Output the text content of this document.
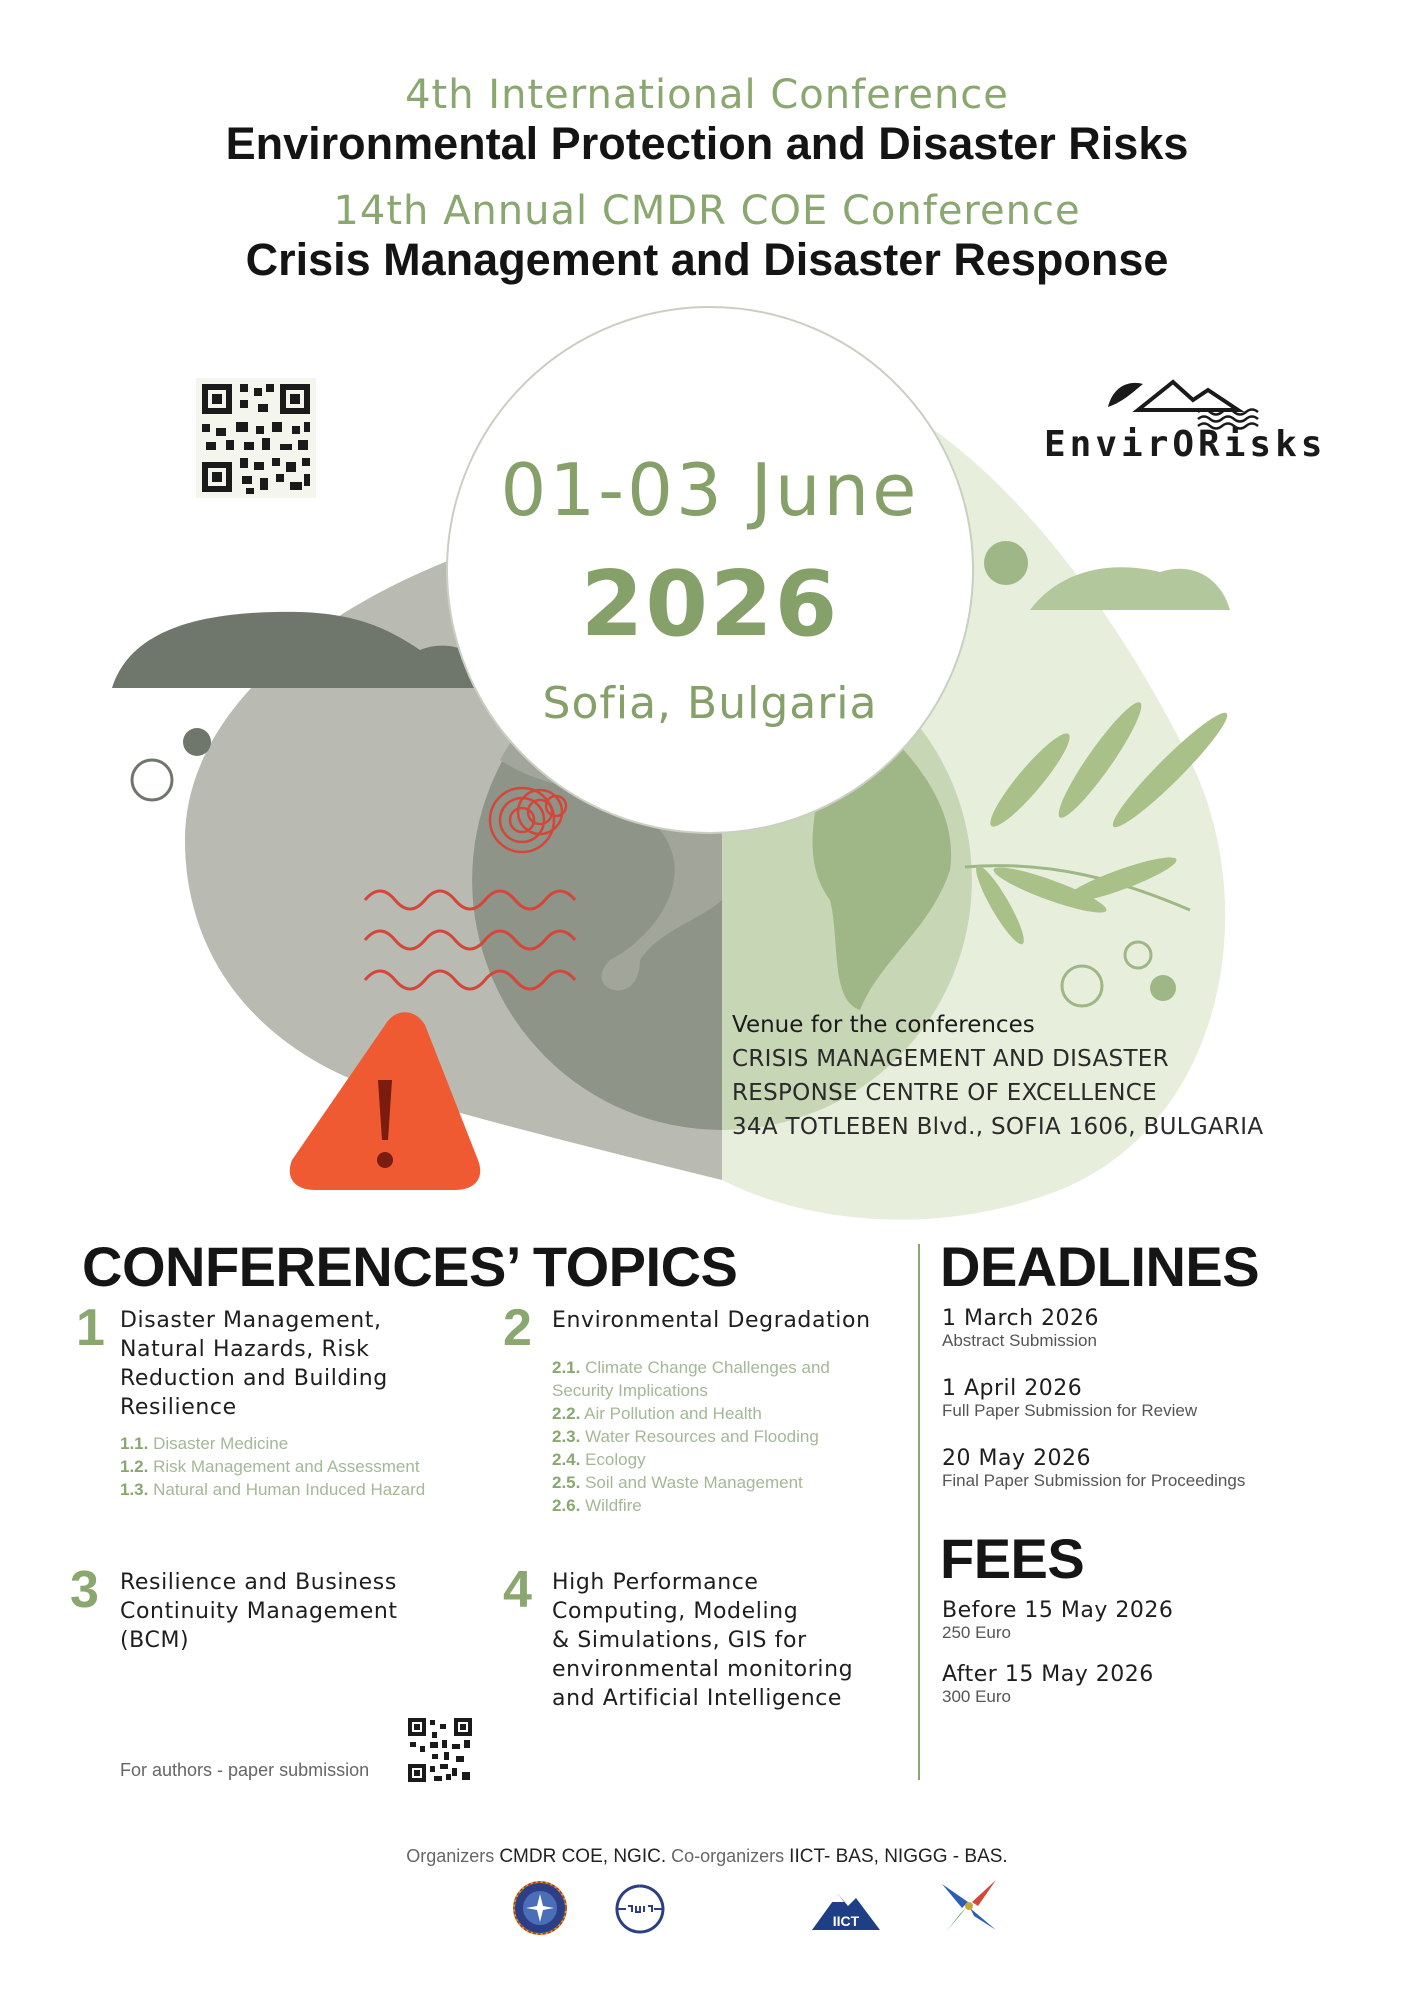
4th International Conference
Environmental Protection and Disaster Risks
14th Annual CMDR COE Conference
Crisis Management and Disaster Response
EnvirORisks
01-03 June
2026
Sofia, Bulgaria
Venue for the conferences
CRISIS MANAGEMENT AND DISASTER
RESPONSE CENTRE OF EXCELLENCE
34A TOTLEBEN Blvd., SOFIA 1606, BULGARIA
CONFERENCES’ TOPICS
1 Disaster Management,
Natural Hazards, Risk
Reduction and Building
Resilience
1.1. Disaster Medicine
1.2. Risk Management and Assessment
1.3. Natural and Human Induced Hazard
2 Environmental Degradation
2.1. Climate Change Challenges and
Security Implications
2.2. Air Pollution and Health
2.3. Water Resources and Flooding
2.4. Ecology
2.5. Soil and Waste Management
2.6. Wildfire
3 Resilience and Business
Continuity Management
(BCM)
4 High Performance
Computing, Modeling
& Simulations, GIS for
environmental monitoring
and Artificial Intelligence
For authors - paper submission
DEADLINES
1 March 2026
Abstract Submission
1 April 2026
Full Paper Submission for Review
20 May 2026
Final Paper Submission for Proceedings
FEES
Before 15 May 2026
250 Euro
After 15 May 2026
300 Euro
Organizers CMDR COE, NGIC. Co-organizers IICT- BAS, NIGGG - BAS.
IICT
